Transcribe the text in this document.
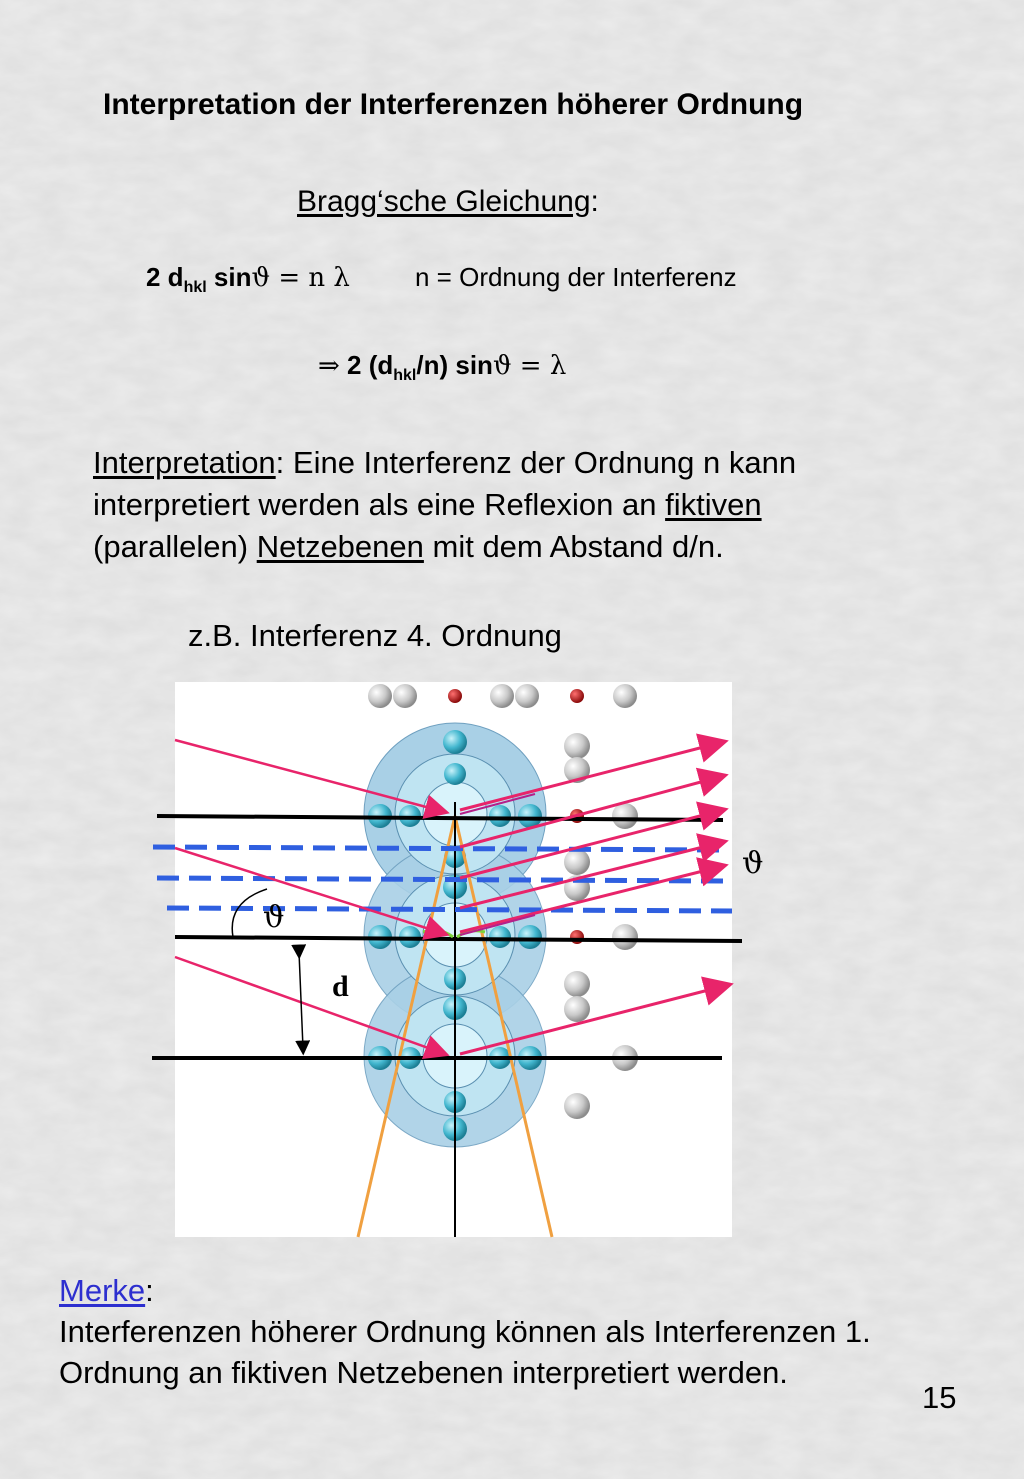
Interpretation der Interferenzen höherer Ordnung
Bragg‘sche Gleichung:
2 $d_{hkl}$ sinϑ = n λ	n = Ordnung der Interferenz
⇒ 2 $(d_{hkl}/n) \sin ϑ = \lambda$
Interpretation: Eine Interferenz der Ordnung n kann interpretiert werden als eine Reflexion an fiktiven (parallelen) Netzebenen mit dem Abstand d/n.
z.B. Interferenz 4. Ordnung
ϑ
ϑ
d
Merke:
Interferenzen höherer Ordnung können als Interferenzen 1. Ordnung an fiktiven Netzebenen interpretiert werden.
15
